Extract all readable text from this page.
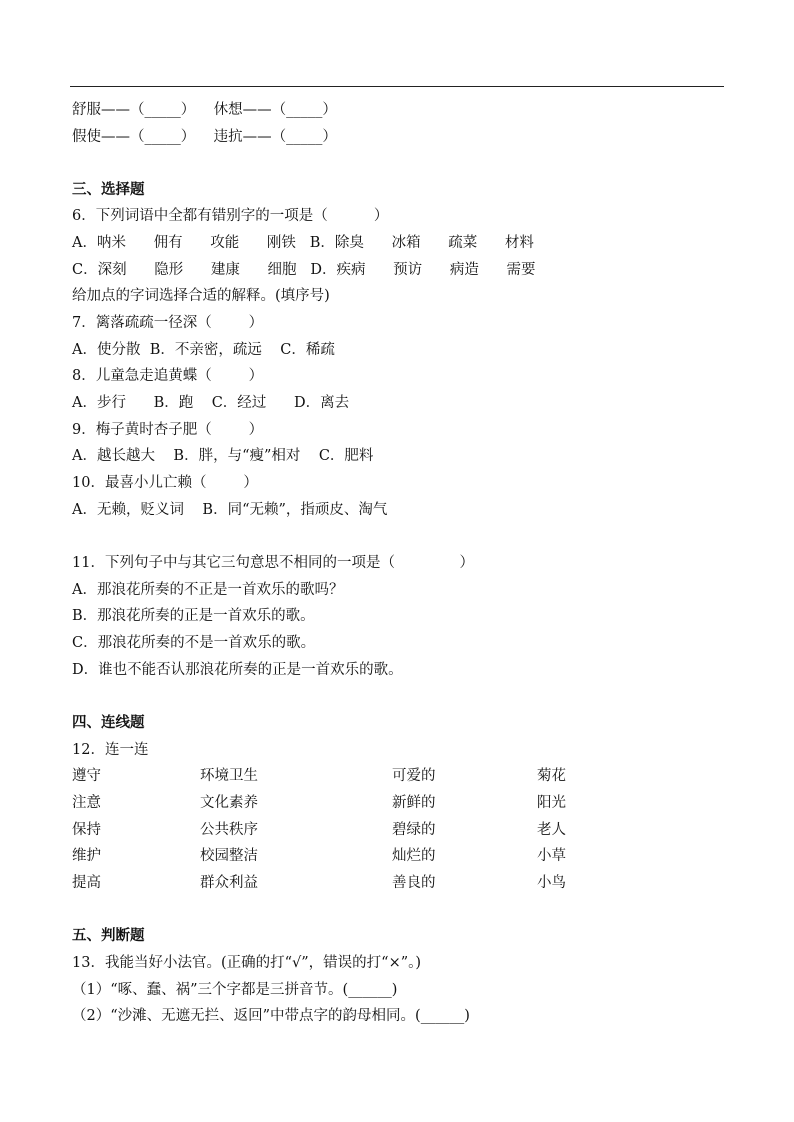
舒服——（_____）    休想——（_____）
假使——（_____）    违抗——（_____）
三、选择题
6．下列词语中全都有错别字的一项是（          ）
A．呐米      佣有      攻能      刚铁   B．除臭      冰箱      疏菜      材料
C．深刻      隐形      建康      细胞   D．疾病      预访      病造      需要
给加点的字词选择合适的解释。(填序号)
7．篱落疏疏一径深（        ）
A．使分散  B．不亲密，疏远    C．稀疏
8．儿童急走追黄蝶（        ）
A．步行      B．跑    C．经过      D．离去
9．梅子黄时杏子肥（        ）
A．越长越大    B．胖，与“瘦”相对    C．肥料
10．最喜小儿亡赖（        ）
A．无赖，贬义词    B．同“无赖”，指顽皮、淘气
11．下列句子中与其它三句意思不相同的一项是（              ）
A．那浪花所奏的不正是一首欢乐的歌吗？
B．那浪花所奏的正是一首欢乐的歌。
C．那浪花所奏的不是一首欢乐的歌。
D．谁也不能否认那浪花所奏的正是一首欢乐的歌。
四、连线题
12．连一连
遵守
注意
保持
维护
提高
环境卫生
文化素养
公共秩序
校园整洁
群众利益
可爱的
新鲜的
碧绿的
灿烂的
善良的
菊花
阳光
老人
小草
小鸟
五、判断题
13．我能当好小法官。(正确的打“√”，错误的打“×”。)
（1）“啄、蠢、祸”三个字都是三拼音节。(______)
（2）“沙滩、无遮无拦、返回”中带点字的韵母相同。(______)
